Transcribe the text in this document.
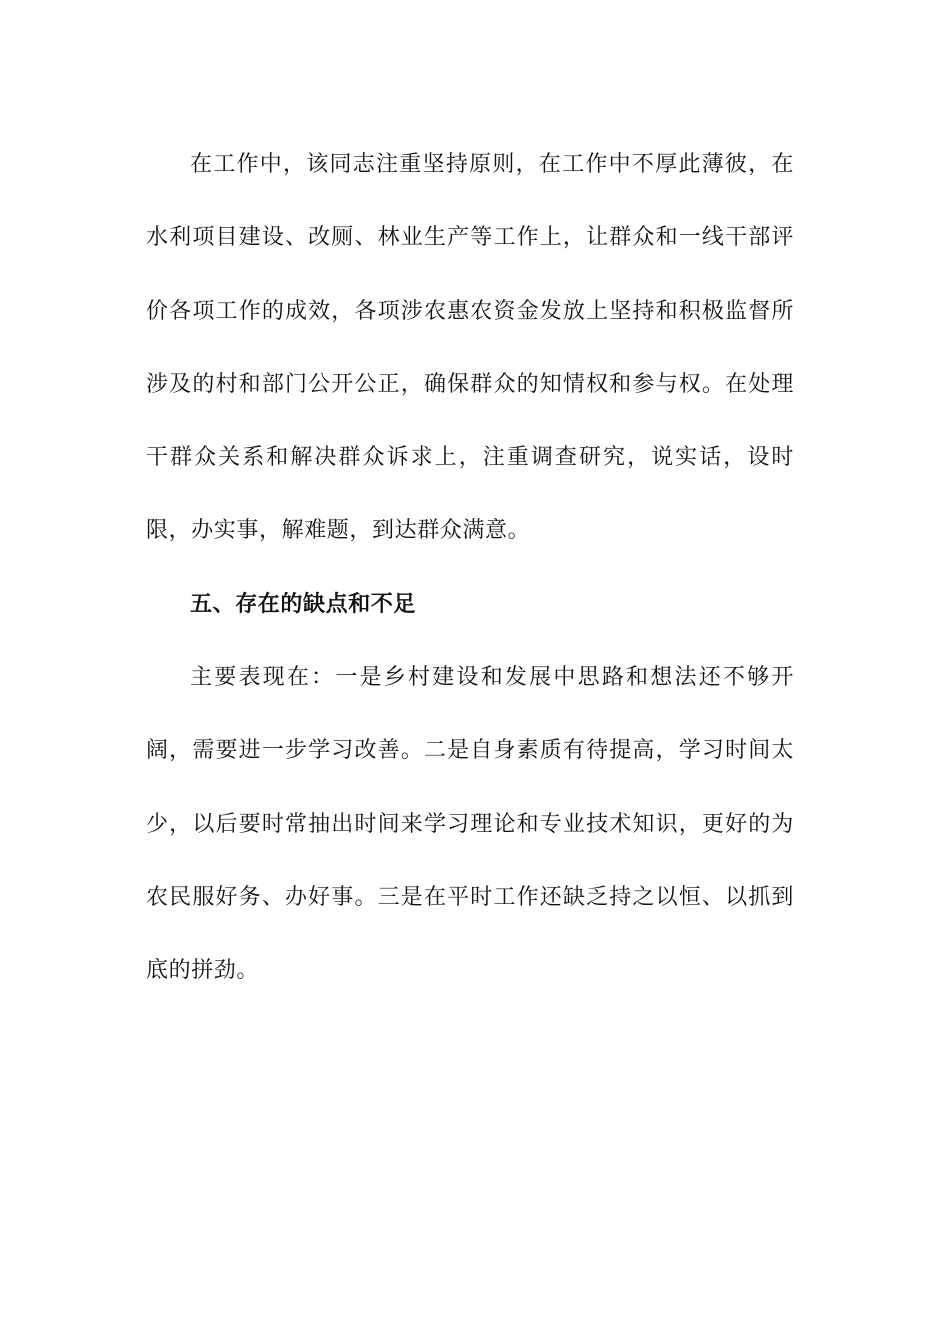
在工作中，该同志注重坚持原则，在工作中不厚此薄彼，在水利项目建设、改厕、林业生产等工作上，让群众和一线干部评价各项工作的成效，各项涉农惠农资金发放上坚持和积极监督所涉及的村和部门公开公正，确保群众的知情权和参与权。在处理干群众关系和解决群众诉求上，注重调查研究，说实话，设时限，办实事，解难题，到达群众满意。

五、存在的缺点和不足

主要表现在：一是乡村建设和发展中思路和想法还不够开阔，需要进一步学习改善。二是自身素质有待提高，学习时间太少，以后要时常抽出时间来学习理论和专业技术知识，更好的为农民服好务、办好事。三是在平时工作还缺乏持之以恒、以抓到底的拼劲。
